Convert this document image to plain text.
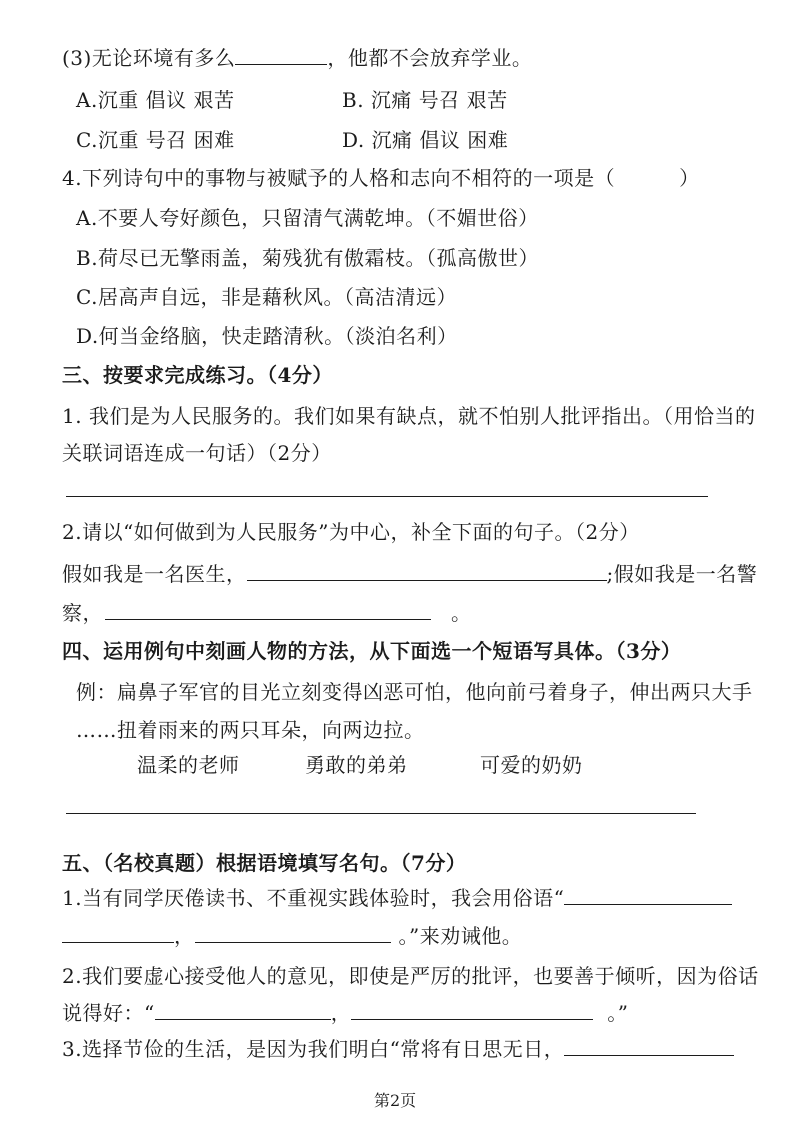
(3)无论环境有多么	，他都不会放弃学业。
A.沉重 倡议 艰苦	B. 沉痛 号召 艰苦
C.沉重 号召 困难	D. 沉痛 倡议 困难
4.下列诗句中的事物与被赋予的人格和志向不相符的一项是（	）
A.不要人夸好颜色，只留清气满乾坤。（不媚世俗）
B.荷尽已无擎雨盖，菊残犹有傲霜枝。（孤高傲世）
C.居高声自远，非是藉秋风。（高洁清远）
D.何当金络脑，快走踏清秋。（淡泊名利）
三、按要求完成练习。（4分）
1. 我们是为人民服务的。我们如果有缺点，就不怕别人批评指出。（用恰当的
关联词语连成一句话）（2分）
2.请以“如何做到为人民服务”为中心，补全下面的句子。（2分）
假如我是一名医生，	;假如我是一名警
察，	。
四、运用例句中刻画人物的方法，从下面选一个短语写具体。（3分）
例：扁鼻子军官的目光立刻变得凶恶可怕，他向前弓着身子，伸出两只大手
……扭着雨来的两只耳朵，向两边拉。
温柔的老师	勇敢的弟弟	可爱的奶奶
五、（名校真题）根据语境填写名句。（7分）
1.当有同学厌倦读书、不重视实践体验时，我会用俗语“
，	。”来劝诫他。
2.我们要虚心接受他人的意见，即使是严厉的批评，也要善于倾听，因为俗话
说得好：“	，	。”
3.选择节俭的生活，是因为我们明白“常将有日思无日，
第2页
